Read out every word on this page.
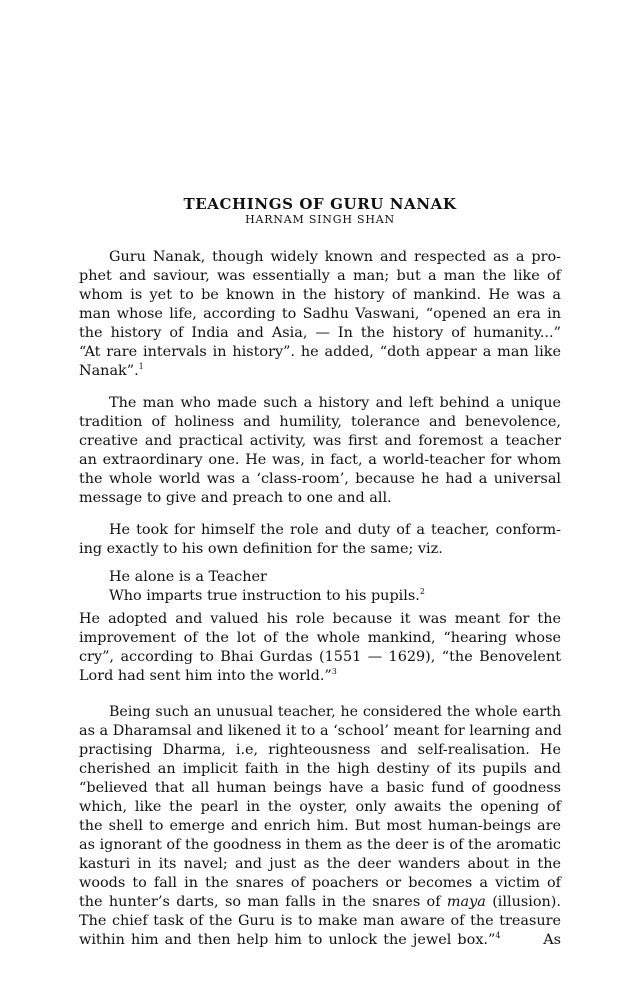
TEACHINGS OF GURU NANAK
HARNAM SINGH SHAN
Guru Nanak, though widely known and respected as a pro-
phet and saviour, was essentially a man; but a man the like of
whom is yet to be known in the history of mankind. He was a
man whose life, according to Sadhu Vaswani, “opened an era in
the history of India and Asia, — In the history of humanity...”
“At rare intervals in history”. he added, “doth appear a man like
Nanak”.$^1$
The man who made such a history and left behind a unique
tradition of holiness and humility, tolerance and benevolence,
creative and practical activity, was first and foremost a teacher
an extraordinary one. He was, in fact, a world-teacher for whom
the whole world was a ‘class-room’, because he had a universal
message to give and preach to one and all.
He took for himself the role and duty of a teacher, conform-
ing exactly to his own definition for the same; viz.
He alone is a Teacher
Who imparts true instruction to his pupils.$^2$
He adopted and valued his role because it was meant for the
improvement of the lot of the whole mankind, “hearing whose
cry”, according to Bhai Gurdas (1551 — 1629), “the Benovelent
Lord had sent him into the world.”$^3$
Being such an unusual teacher, he considered the whole earth
as a Dharamsal and likened it to a ‘school’ meant for learning and
practising Dharma, i.e, righteousness and self-realisation. He
cherished an implicit faith in the high destiny of its pupils and
“believed that all human beings have a basic fund of goodness
which, like the pearl in the oyster, only awaits the opening of
the shell to emerge and enrich him. But most human-beings are
as ignorant of the goodness in them as the deer is of the aromatic
kasturi in its navel; and just as the deer wanders about in the
woods to fall in the snares of poachers or becomes a victim of
the hunter’s darts, so man falls in the snares of maya (illusion).
The chief task of the Guru is to make man aware of the treasure
within him and then help him to unlock the jewel box.”$^4$	As
